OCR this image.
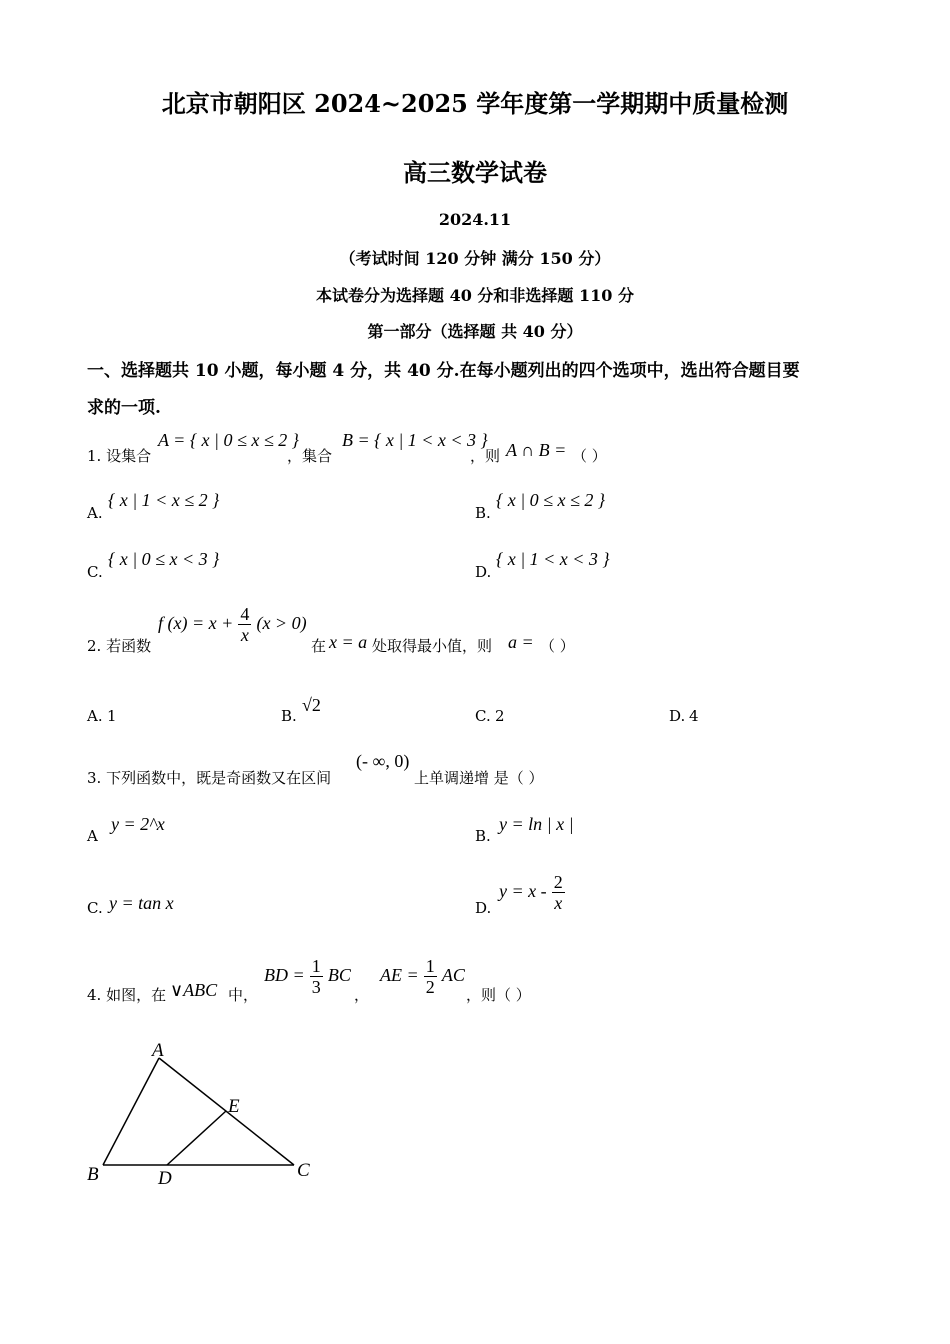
北京市朝阳区 2024~2025 学年度第一学期期中质量检测
高三数学试卷
2024.11
（考试时间 120 分钟 满分 150 分）
本试卷分为选择题 40 分和非选择题 110 分
第一部分（选择题 共 40 分）
一、选择题共 10 小题，每小题 4 分，共 40 分.在每小题列出的四个选项中，选出符合题目要
求的一项.
1. 设集合
A = { x | 0 ≤ x ≤ 2 }
，集合
B = { x | 1 < x < 3 }
，则 A ∩ B = （ ）
A.
{ x | 1 < x ≤ 2 }
B.
{ x | 0 ≤ x ≤ 2 }
C.
{ x | 0 ≤ x < 3 }
D.
{ x | 1 < x < 3 }
2. 若函数
f $(x) = x + \frac{4}{x} (x > 0)$
在 x = a 处取得最小值，则 a = （ ）
A. 1	B.
√2
C. 2	D. 4
3. 下列函数中，既是奇函数又在区间
(- ∞, 0)
上单调递增 是（ ）
A
y = 2^x
B.
y = ln | x |
C. y = tan x	D.
$y = x - \frac{2}{x}$
4. 如图，在 ∨ABC 中，
BD = $\frac{1}{3}$ BC
，
AE = $\frac{1}{2}$ AC
，则（ ）
A
B	C
D
E
